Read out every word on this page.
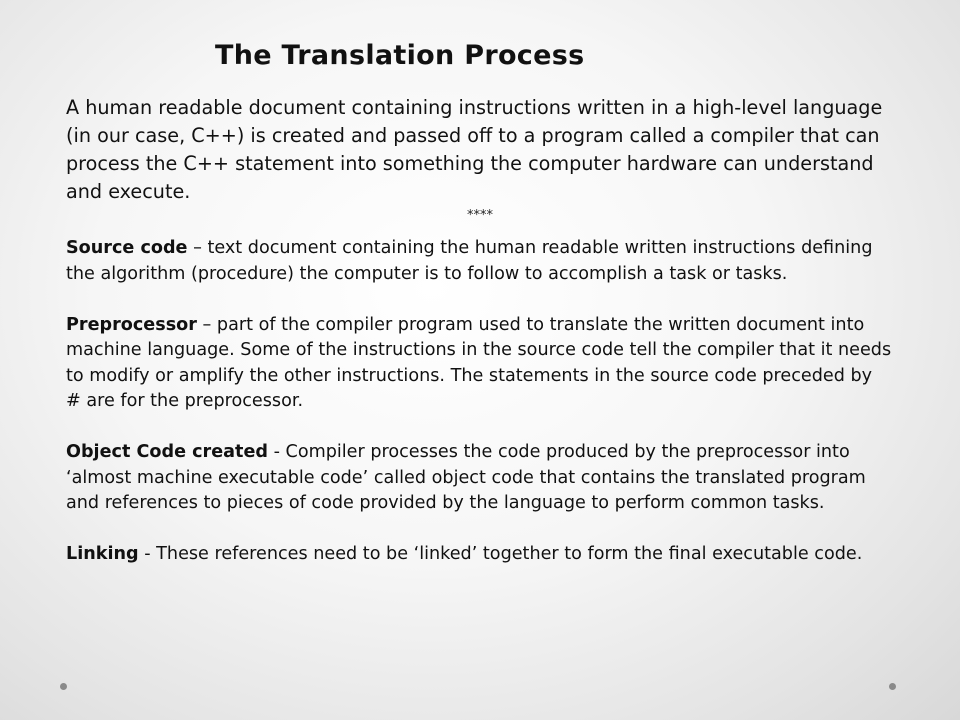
The Translation Process
A human readable document containing instructions written in a high-level language (in our case, C++) is created and passed off to a program called a compiler that can process the C++ statement into something the computer hardware can understand and execute.
****
Source code – text document containing the human readable written instructions defining the algorithm (procedure) the computer is to follow to accomplish a task or tasks.
Preprocessor – part of the compiler program used to translate the written document into machine language. Some of the instructions in the source code tell the compiler that it needs to modify or amplify the other instructions. The statements in the source code preceded by # are for the preprocessor.
Object Code created - Compiler processes the code produced by the preprocessor into ‘almost machine executable code’ called object code that contains the translated program and references to pieces of code provided by the language to perform common tasks.
Linking - These references need to be ‘linked’ together to form the final executable code.
